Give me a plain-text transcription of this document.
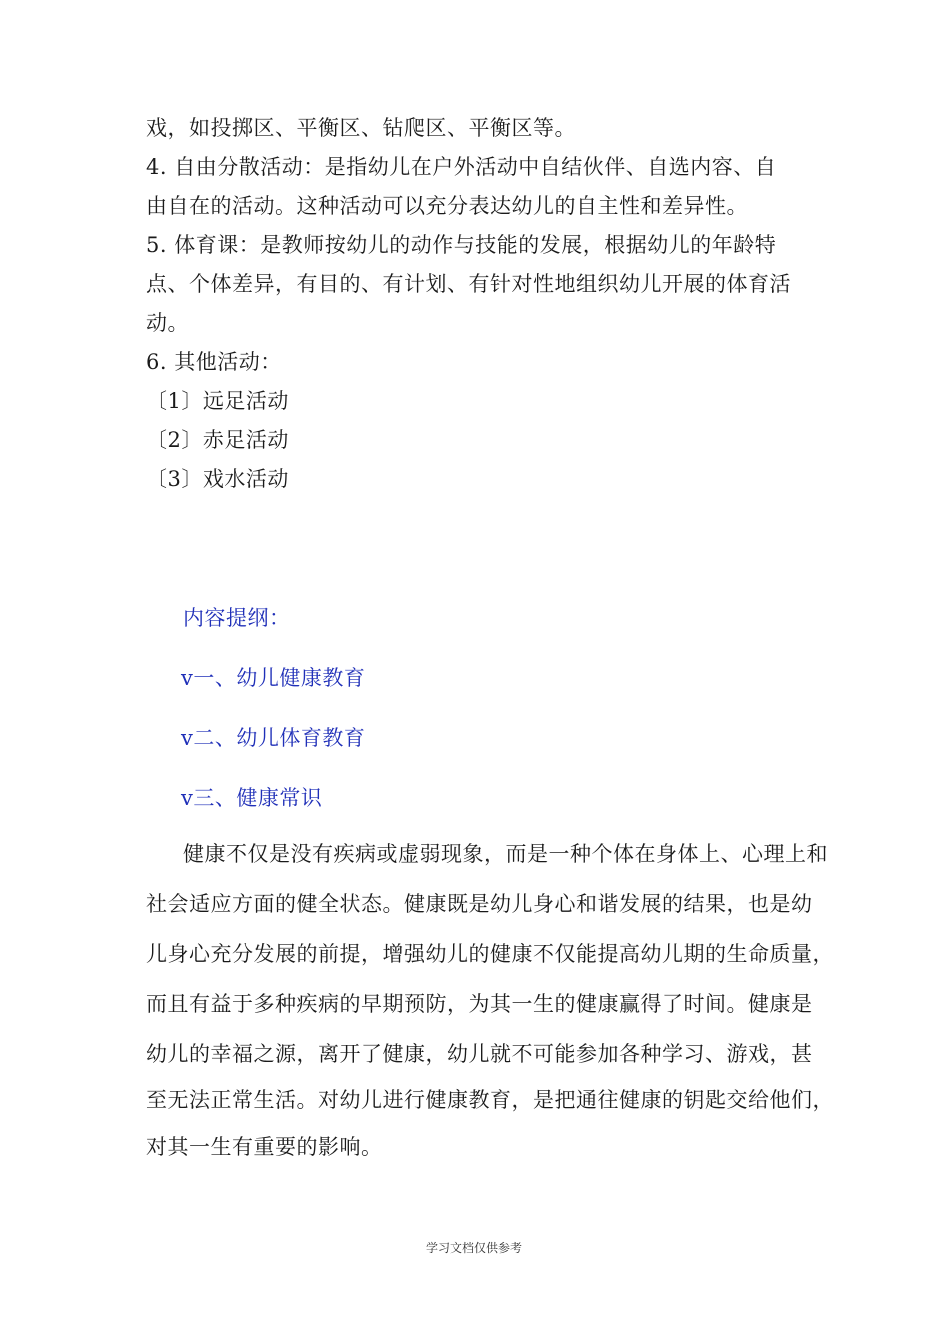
戏，如投掷区、平衡区、钻爬区、平衡区等。
4. 自由分散活动：是指幼儿在户外活动中自结伙伴、自选内容、自
由自在的活动。这种活动可以充分表达幼儿的自主性和差异性。
5. 体育课：是教师按幼儿的动作与技能的发展，根据幼儿的年龄特
点、个体差异，有目的、有计划、有针对性地组织幼儿开展的体育活
动。
6. 其他活动：
〔1〕远足活动
〔2〕赤足活动
〔3〕戏水活动
内容提纲：
v一、幼儿健康教育
v二、幼儿体育教育
v三、健康常识
健康不仅是没有疾病或虚弱现象，而是一种个体在身体上、心理上和
社会适应方面的健全状态。健康既是幼儿身心和谐发展的结果，也是幼
儿身心充分发展的前提，增强幼儿的健康不仅能提高幼儿期的生命质量，
而且有益于多种疾病的早期预防，为其一生的健康赢得了时间。健康是
幼儿的幸福之源，离开了健康，幼儿就不可能参加各种学习、游戏，甚
至无法正常生活。对幼儿进行健康教育，是把通往健康的钥匙交给他们，
对其一生有重要的影响。
学习文档仅供参考
